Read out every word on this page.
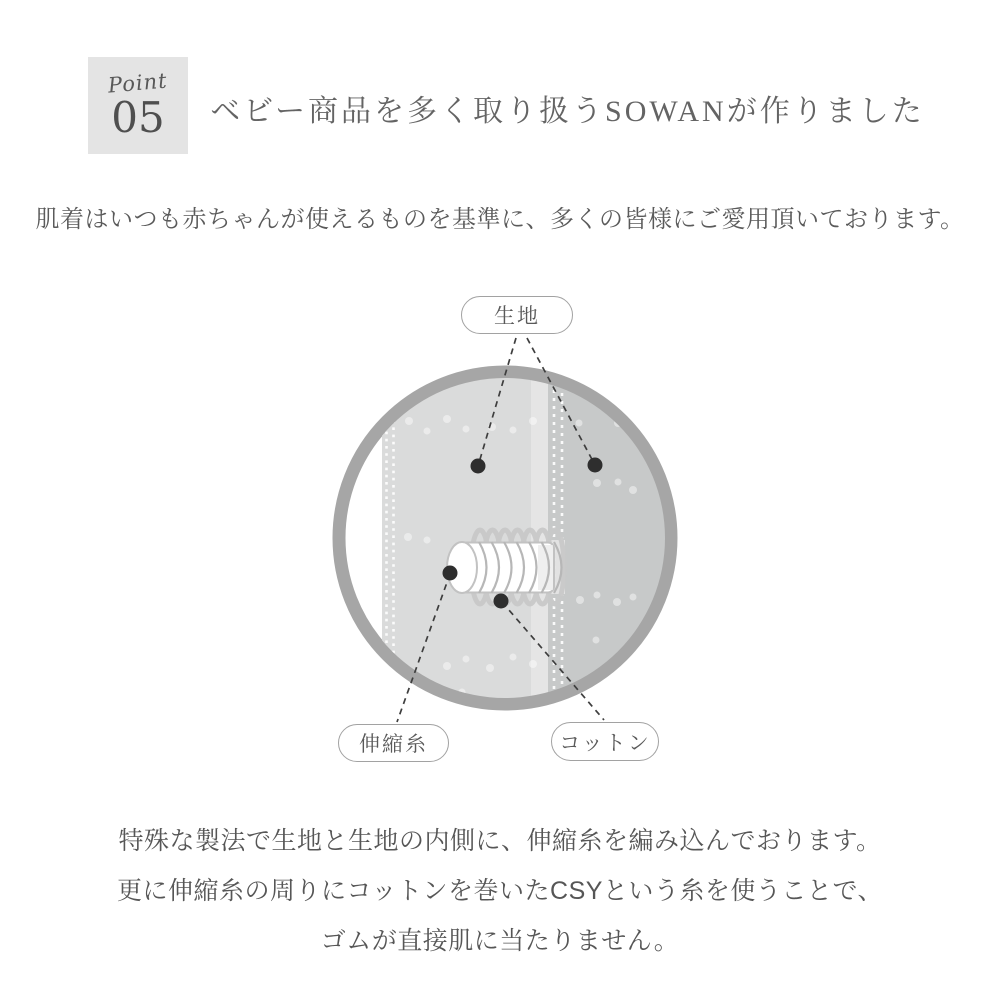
Point
05	ベビー商品を多く取り扱うSOWANが作りました

肌着はいつも赤ちゃんが使えるものを基準に、多くの皆様にご愛用頂いております。

生地
伸縮糸	コットン

特殊な製法で生地と生地の内側に、伸縮糸を編み込んでおります。

更に伸縮糸の周りにコットンを巻いたCSYという糸を使うことで、

ゴムが直接肌に当たりません。
